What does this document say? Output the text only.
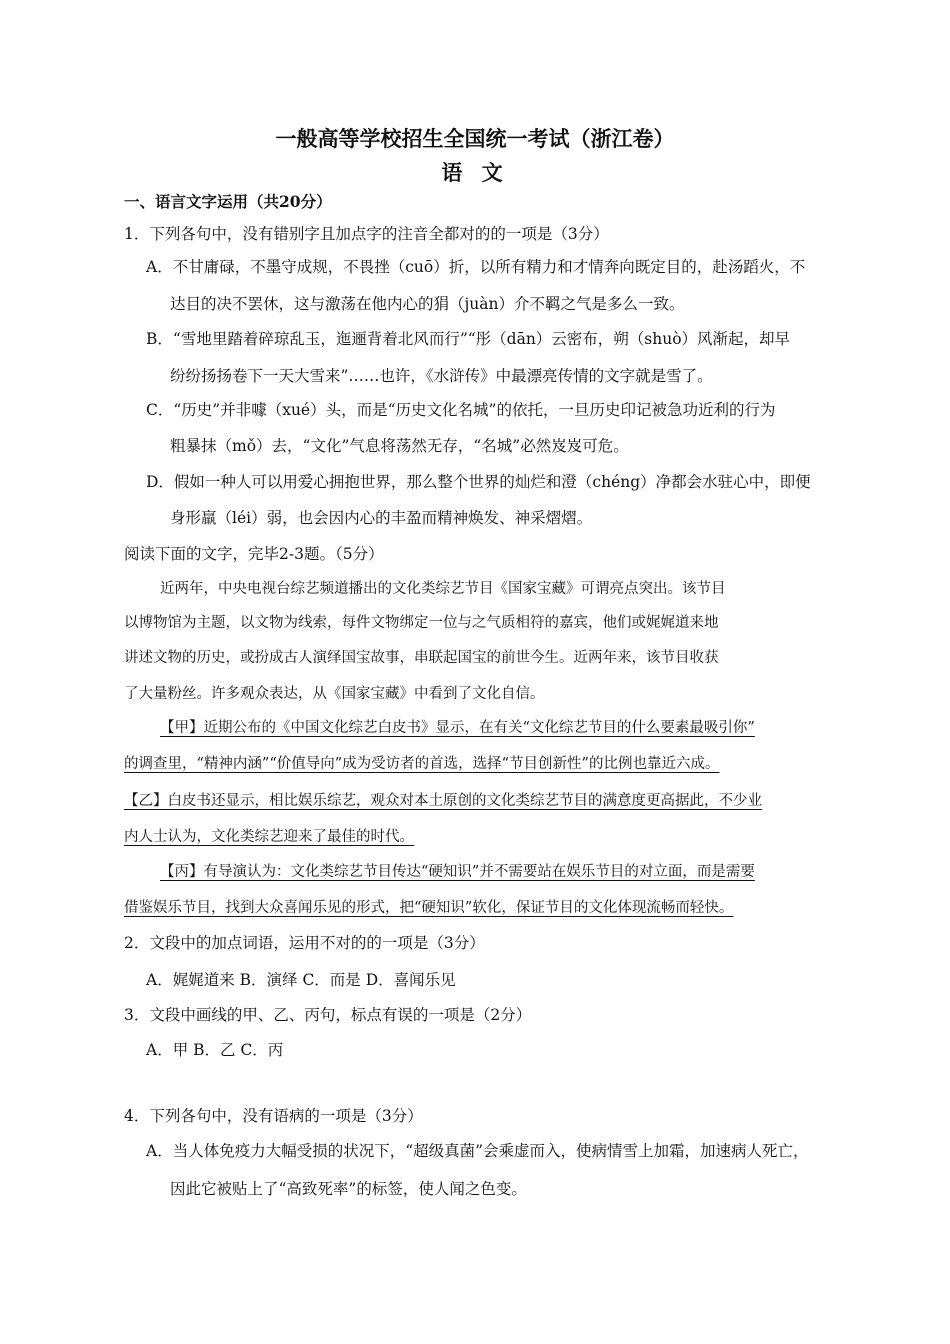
一般高等学校招生全国统一考试（浙江卷）
语 文
一、语言文字运用（共20分）
1．下列各句中，没有错别字且加点字的注音全都对的的一项是（3分）
A．不甘庸碌，不墨守成规，不畏挫（cuō）折，以所有精力和才情奔向既定目的，赴汤蹈火，不
达目的决不罢休，这与激荡在他内心的狷（juàn）介不羁之气是多么一致。
B．“雪地里踏着碎琼乱玉，迤逦背着北风而行”“彤（dān）云密布，朔（shuò）风渐起，却早
纷纷扬扬卷下一天大雪来”……也许，《水浒传》中最漂亮传情的文字就是雪了。
C．“历史”并非噱（xué）头，而是“历史文化名城”的依托，一旦历史印记被急功近利的行为
粗暴抹（mǒ）去，“文化”气息将荡然无存，“名城”必然岌岌可危。
D．假如一种人可以用爱心拥抱世界，那么整个世界的灿烂和澄（chéng）净都会水驻心中，即便
身形羸（léi）弱，也会因内心的丰盈而精神焕发、神采熠熠。
阅读下面的文字，完毕2-3题。（5分）
近两年，中央电视台综艺频道播出的文化类综艺节目《国家宝藏》可谓亮点突出。该节目
以博物馆为主题，以文物为线索，每件文物绑定一位与之气质相符的嘉宾，他们或娓娓道来地
讲述文物的历史，或扮成古人演绎国宝故事，串联起国宝的前世今生。近两年来，该节目收获
了大量粉丝。许多观众表达，从《国家宝藏》中看到了文化自信。
【甲】近期公布的《中国文化综艺白皮书》显示，在有关“文化综艺节目的什么要素最吸引你”
的调查里，“精神内涵”“价值导向”成为受访者的首选，选择“节目创新性”的比例也靠近六成。
【乙】白皮书还显示，相比娱乐综艺，观众对本土原创的文化类综艺节目的满意度更高据此，不少业
内人士认为，文化类综艺迎来了最佳的时代。
【丙】有导演认为：文化类综艺节目传达“硬知识”并不需要站在娱乐节目的对立面，而是需要
借鉴娱乐节目，找到大众喜闻乐见的形式，把“硬知识”软化，保证节目的文化体现流畅而轻快。
2．文段中的加点词语，运用不对的的一项是（3分）
A．娓娓道来 B．演绎 C．而是 D．喜闻乐见
3．文段中画线的甲、乙、丙句，标点有误的一项是（2分）
A．甲 B．乙 C．丙
4．下列各句中，没有语病的一项是（3分）
A．当人体免疫力大幅受损的状况下，“超级真菌”会乘虚而入，使病情雪上加霜，加速病人死亡，
因此它被贴上了“高致死率”的标签，使人闻之色变。
